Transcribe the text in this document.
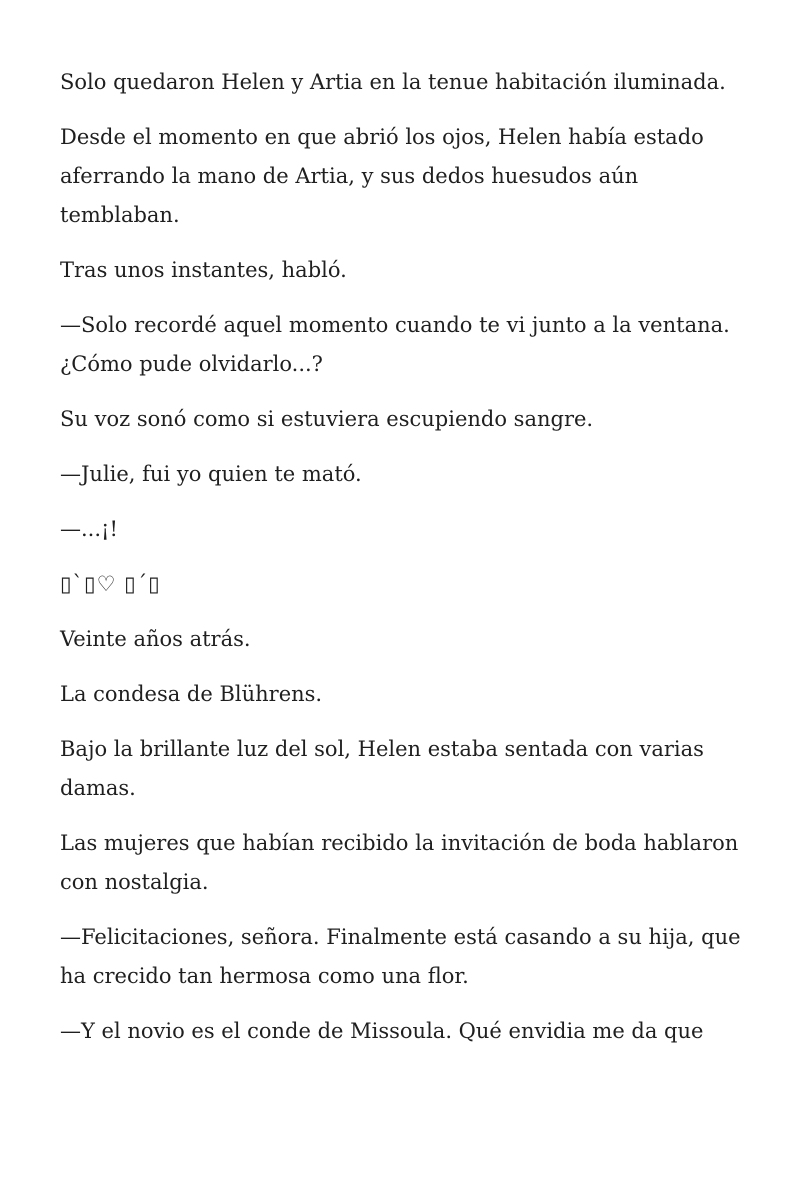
Solo quedaron Helen y Artia en la tenue habitación iluminada.

Desde el momento en que abrió los ojos, Helen había estado aferrando la mano de Artia, y sus dedos huesudos aún temblaban.

Tras unos instantes, habló.

—Solo recordé aquel momento cuando te vi junto a la ventana. ¿Cómo pude olvidarlo...?

Su voz sonó como si estuviera escupiendo sangre.

—Julie, fui yo quien te mató.

—...¡!

▯`▯♡ ▯´▯

Veinte años atrás.

La condesa de Blührens.

Bajo la brillante luz del sol, Helen estaba sentada con varias damas.

Las mujeres que habían recibido la invitación de boda hablaron con nostalgia.

—Felicitaciones, señora. Finalmente está casando a su hija, que ha crecido tan hermosa como una flor.

—Y el novio es el conde de Missoula. Qué envidia me da que
